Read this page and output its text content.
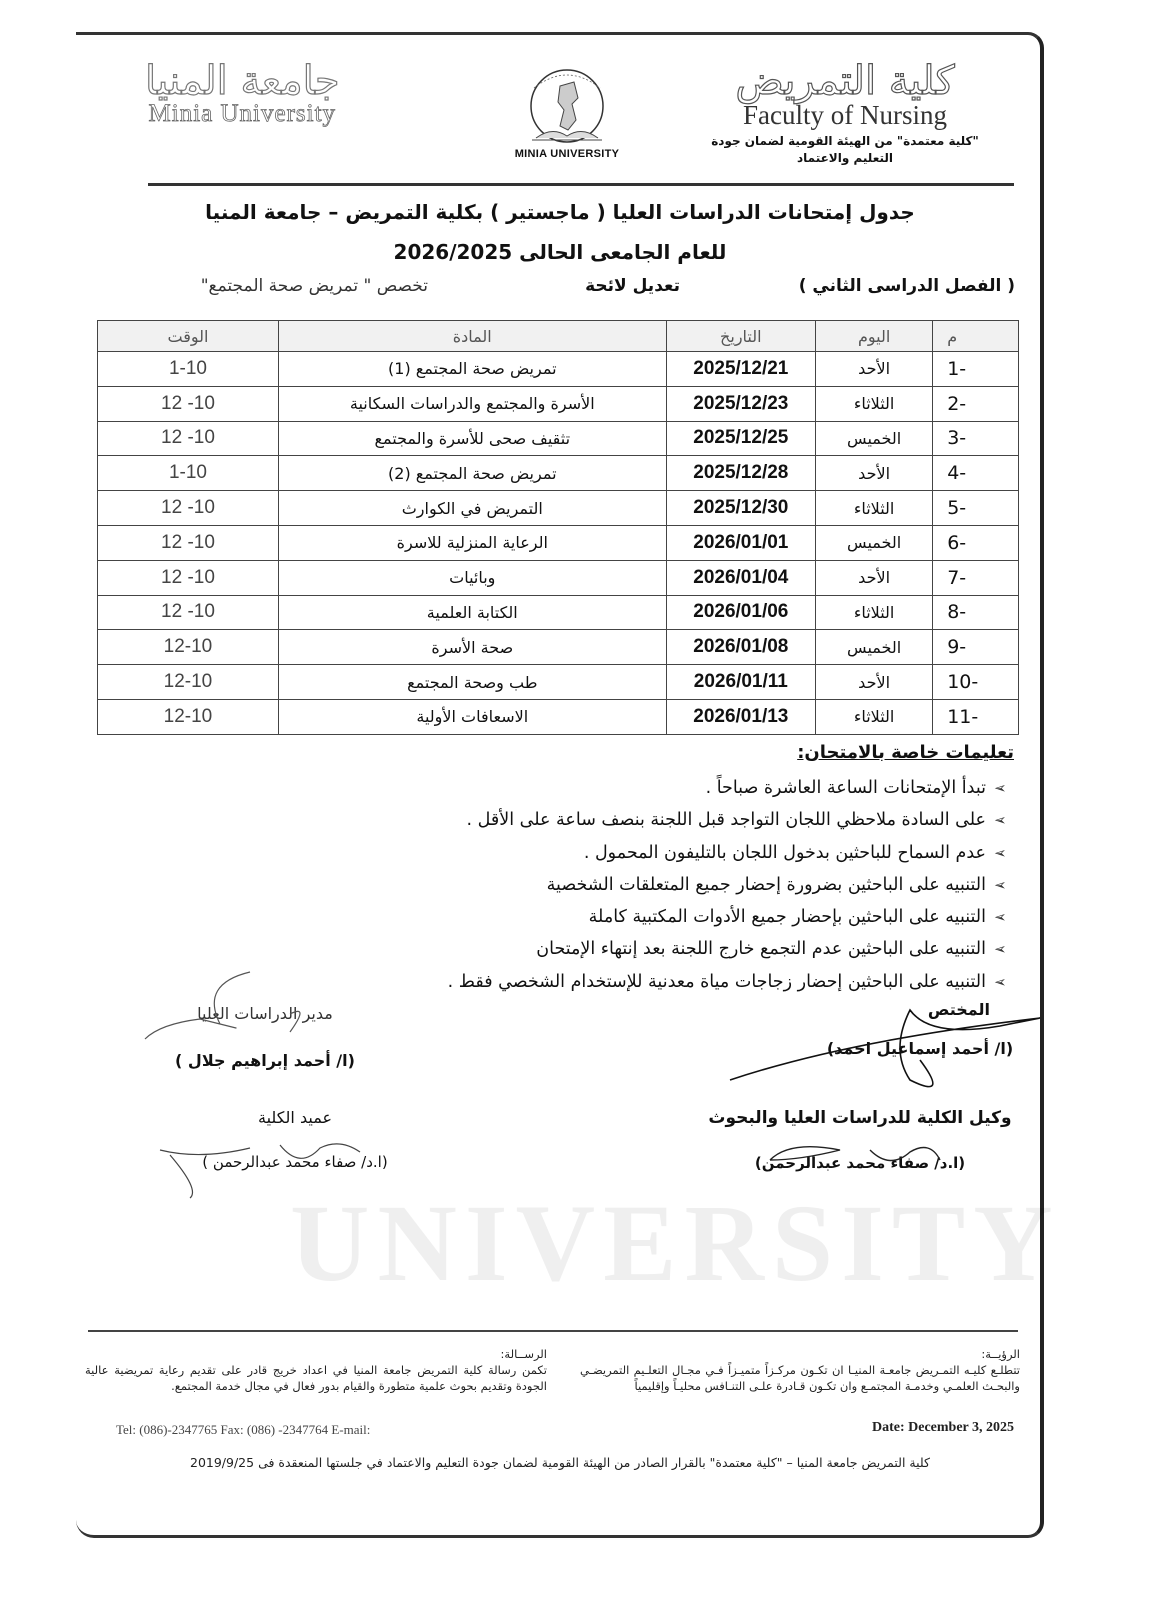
كلية التمريض
Faculty of Nursing
"كلية معتمدة" من الهيئة القومية لضمان جودة التعليم والاعتماد
MINIA UNIVERSITY
جامعة المنيا
Minia University
جدول إمتحانات الدراسات العليا ( ماجستير ) بكلية التمريض – جامعة المنيا
للعام الجامعى الحالى 2026/2025
( الفصل الدراسى الثاني )
تعديل لائحة
تخصص " تمريض صحة المجتمع"
م	اليوم	التاريخ	المادة	الوقت
-1	الأحد	2025/12/21	تمريض صحة المجتمع (1)	1-10
-2	الثلاثاء	2025/12/23	الأسرة والمجتمع والدراسات السكانية	12 -10
-3	الخميس	2025/12/25	تثقيف صحى للأسرة والمجتمع	12 -10
-4	الأحد	2025/12/28	تمريض صحة المجتمع (2)	1-10
-5	الثلاثاء	2025/12/30	التمريض في الكوارث	12 -10
-6	الخميس	2026/01/01	الرعاية المنزلية للاسرة	12 -10
-7	الأحد	2026/01/04	وبائيات	12 -10
-8	الثلاثاء	2026/01/06	الكتابة العلمية	12 -10
-9	الخميس	2026/01/08	صحة الأسرة	12-10
-10	الأحد	2026/01/11	طب وصحة المجتمع	12-10
-11	الثلاثاء	2026/01/13	الاسعافات الأولية	12-10
تعليمات خاصة بالامتحان:
➢تبدأ الإمتحانات الساعة العاشرة صباحاً .
➢على السادة ملاحظي اللجان التواجد قبل اللجنة بنصف ساعة على الأقل .
➢عدم السماح للباحثين بدخول اللجان بالتليفون المحمول .
➢التنبيه على الباحثين بضرورة إحضار جميع المتعلقات الشخصية
➢التنبيه على الباحثين بإحضار جميع الأدوات المكتبية كاملة
➢التنبيه على الباحثين عدم التجمع خارج اللجنة بعد إنتهاء الإمتحان
➢التنبيه على الباحثين إحضار زجاجات مياة معدنية للإستخدام الشخصي فقط .
المختص
(ا/ أحمد إسماعيل احمد)
مدير الدراسات العليا
(ا/ أحمد إبراهيم جلال )
وكيل الكلية للدراسات العليا والبحوث
(ا.د/ صفاء محمد عبدالرحمن)
عميد الكلية
(ا.د/ صفاء محمد عبدالرحمن )
UNIVERSITY
الرؤيــة:
تتطلـع كليـه التمـريض جامعـة المنيـا ان تكـون مركـزاً متميـزاً فـي مجـال التعلـيم التمريضـي والبحـث العلمـي وخدمـة المجتمـع وان تكـون قـادرة علـى التنـافس محليـاً وإقليمياً
الرســالة:
تكمن رسالة كلية التمريض جامعة المنيا في اعداد خريج قادر على تقديم رعاية تمريضية عالية الجودة وتقديم بحوث علمية متطورة والقيام بدور فعال في مجال خدمة المجتمع.
Tel: (086)-2347765 Fax: (086) -2347764 E-mail:	Date: December 3, 2025
كلية التمريض جامعة المنيا – "كلية معتمدة" بالقرار الصادر من الهيئة القومية لضمان جودة التعليم والاعتماد في جلستها المنعقدة فى 2019/9/25
